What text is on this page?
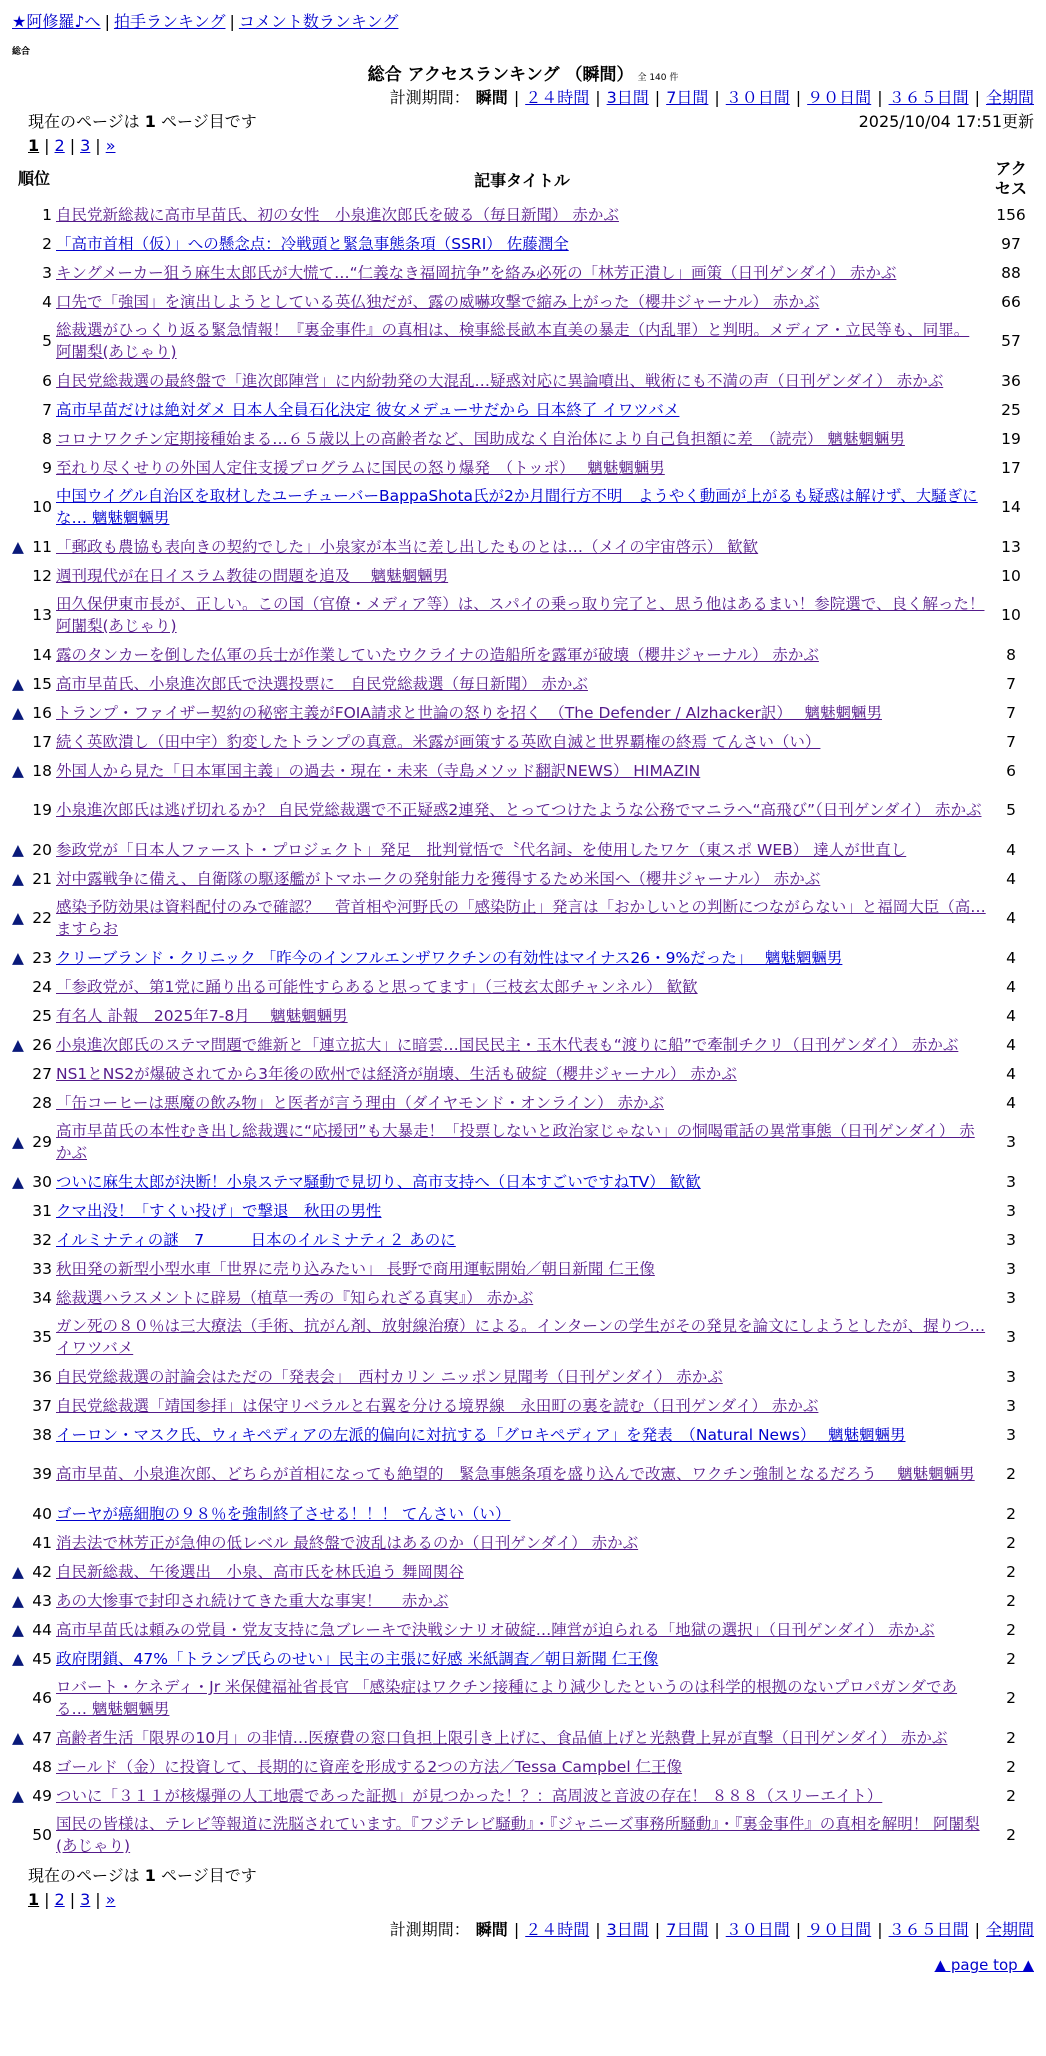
★阿修羅♪へ | 拍手ランキング | コメント数ランキング
総合
総合 アクセスランキング （瞬間） 全 140 件
計測期間： 瞬間 | ２４時間 | 3日間 | 7日間 | ３０日間 | ９０日間 | ３６５日間 | 全期間
現在のページは 1 ページ目です	2025/10/04 17:51更新
1 | 2 | 3 | »
順位	記事タイトル	アクセス
1	自民党新総裁に高市早苗氏、初の女性　小泉進次郎氏を破る（毎日新聞） 赤かぶ	156
2	「高市首相（仮）」への懸念点：冷戦頭と緊急事態条項（SSRI） 佐藤潤全	97
3	キングメーカー狙う麻生太郎氏が大慌て…“仁義なき福岡抗争”を絡み必死の「林芳正潰し」画策（日刊ゲンダイ） 赤かぶ	88
4	口先で「強国」を演出しようとしている英仏独だが、露の威嚇攻撃で縮み上がった（櫻井ジャーナル） 赤かぶ	66
5	総裁選がひっくり返る緊急情報！『裏金事件』の真相は、検事総長畝本直美の暴走（内乱罪）と判明。メディア・立民等も、同罪。 阿闍梨(あじゃり)	57
6	自民党総裁選の最終盤で「進次郎陣営」に内紛勃発の大混乱…疑惑対応に異論噴出、戦術にも不満の声（日刊ゲンダイ） 赤かぶ	36
7	高市早苗だけは絶対ダメ 日本人全員石化決定 彼女メデューサだから 日本終了 イワツバメ	25
8	コロナワクチン定期接種始まる…６５歳以上の高齢者など、国助成なく自治体により自己負担額に差　（読売） 魑魅魍魎男	19
9	至れり尽くせりの外国人定住支援プログラムに国民の怒り爆発　（トッポ）　 魑魅魍魎男	17
10	中国ウイグル自治区を取材したユーチューバーBappaShota氏が2か月間行方不明　ようやく動画が上がるも疑惑は解けず、大騒ぎにな… 魑魅魍魎男	14

▲ 11	「郵政も農協も表向きの契約でした」小泉家が本当に差し出したものとは…（メイの宇宙啓示） 歓歓	13
12	週刊現代が在日イスラム教徒の問題を追及　 魑魅魍魎男	10
13	田久保伊東市長が、正しい。この国（官僚・メディア等）は、スパイの乗っ取り完了と、思う他はあるまい！参院選で、良く解った！ 阿闍梨(あじゃり)	10
14	露のタンカーを倒した仏軍の兵士が作業していたウクライナの造船所を露軍が破壊（櫻井ジャーナル） 赤かぶ	8

▲ 15	高市早苗氏、小泉進次郎氏で決選投票に　自民党総裁選（毎日新聞） 赤かぶ	7

▲ 16	トランプ・ファイザー契約の秘密主義がFOIA請求と世論の怒りを招く　（The Defender / Alzhacker訳）　 魑魅魍魎男	7
17	続く英欧潰し（田中宇）豹変したトランプの真意。米露が画策する英欧自滅と世界覇権の終焉 てんさい（い）	7

▲ 18	外国人から見た「日本軍国主義」の過去・現在・未来（寺島メソッド翻訳NEWS） HIMAZIN	6
19	小泉進次郎氏は逃げ切れるか？ 自民党総裁選で不正疑惑2連発、とってつけたような公務でマニラへ“高飛び”（日刊ゲンダイ） 赤かぶ	5

▲ 20	参政党が「日本人ファースト・プロジェクト」発足　批判覚悟で〝代名詞〟を使用したワケ（東スポ WEB） 達人が世直し	4

▲ 21	対中露戦争に備え、自衛隊の駆逐艦がトマホークの発射能力を獲得するため米国へ（櫻井ジャーナル） 赤かぶ	4

▲ 22	感染予防効果は資料配付のみで確認？　菅首相や河野氏の「感染防止」発言は「おかしいとの判断につながらない」と福岡大臣（高… ますらお	4

▲ 23	クリーブランド・クリニック 「昨今のインフルエンザワクチンの有効性はマイナス26・9%だった」　 魑魅魍魎男	4
24	「参政党が、第1党に踊り出る可能性すらあると思ってます」（三枝玄太郎チャンネル） 歓歓	4
25	有名人 訃報　2025年7-8月　 魑魅魍魎男	4

▲ 26	小泉進次郎氏のステマ問題で維新と「連立拡大」に暗雲…国民民主・玉木代表も“渡りに船”で牽制チクリ（日刊ゲンダイ） 赤かぶ	4
27	NS1とNS2が爆破されてから3年後の欧州では経済が崩壊、生活も破綻（櫻井ジャーナル） 赤かぶ	4
28	「缶コーヒーは悪魔の飲み物」と医者が言う理由（ダイヤモンド・オンライン） 赤かぶ	4

▲ 29	高市早苗氏の本性むき出し総裁選に“応援団”も大暴走！「投票しないと政治家じゃない」の恫喝電話の異常事態（日刊ゲンダイ） 赤かぶ	3

▲ 30	ついに麻生太郎が決断！小泉ステマ騒動で見切り、高市支持へ（日本すごいですねTV） 歓歓	3
31	クマ出没！「すくい投げ」で撃退　秋田の男性	3
32	イルミナティの謎　7　　　日本のイルミナティ２ あのに	3
33	秋田発の新型小型水車「世界に売り込みたい」 長野で商用運転開始／朝日新聞 仁王像	3
34	総裁選ハラスメントに辟易（植草一秀の『知られざる真実』） 赤かぶ	3
35	ガン死の８０％は三大療法（手術、抗がん剤、放射線治療）による。インターンの学生がその発見を論文にしようとしたが、握りつ… イワツバメ	3
36	自民党総裁選の討論会はただの「発表会」　西村カリン ニッポン見聞考（日刊ゲンダイ） 赤かぶ	3
37	自民党総裁選「靖国参拝」は保守リベラルと右翼を分ける境界線　永田町の裏を読む（日刊ゲンダイ） 赤かぶ	3
38	イーロン・マスク氏、ウィキペディアの左派的偏向に対抗する「グロキペディア」を発表　（Natural News）　 魑魅魍魎男	3
39	高市早苗、小泉進次郎、どちらが首相になっても絶望的　緊急事態条項を盛り込んで改憲、ワクチン強制となるだろう　 魑魅魍魎男	2
40	ゴーヤが癌細胞の９８％を強制終了させる！！！ てんさい（い）	2
41	消去法で林芳正が急伸の低レベル 最終盤で波乱はあるのか（日刊ゲンダイ） 赤かぶ	2

▲ 42	自民新総裁、午後選出　小泉、高市氏を林氏追う 舞岡関谷	2

▲ 43	あの大惨事で封印され続けてきた重大な事実！　 赤かぶ	2

▲ 44	高市早苗氏は頼みの党員・党友支持に急ブレーキで決戦シナリオ破綻…陣営が迫られる「地獄の選択」（日刊ゲンダイ） 赤かぶ	2

▲ 45	政府閉鎖、47%「トランプ氏らのせい」民主の主張に好感 米紙調査／朝日新聞 仁王像	2
46	ロバート・ケネディ・Jr 米保健福祉省長官 「感染症はワクチン接種により減少したというのは科学的根拠のないプロパガンダである… 魑魅魍魎男	2

▲ 47	高齢者生活「限界の10月」の非情…医療費の窓口負担上限引き上げに、食品値上げと光熱費上昇が直撃（日刊ゲンダイ） 赤かぶ	2
48	ゴールド（金）に投資して、長期的に資産を形成する2つの方法／Tessa Campbel 仁王像	2

▲ 49	ついに「３１１が核爆弾の人工地震であった証拠」が見つかった！？：高周波と音波の存在！ ８８８（スリーエイト）	2
50	国民の皆様は、テレビ等報道に洗脳されています。『フジテレビ騒動』・『ジャニーズ事務所騒動』・『裏金事件』の真相を解明！ 阿闍梨(あじゃり)	2
現在のページは 1 ページ目です
1 | 2 | 3 | »
計測期間： 瞬間 | ２４時間 | 3日間 | 7日間 | ３０日間 | ９０日間 | ３６５日間 | 全期間
▲ page top ▲
